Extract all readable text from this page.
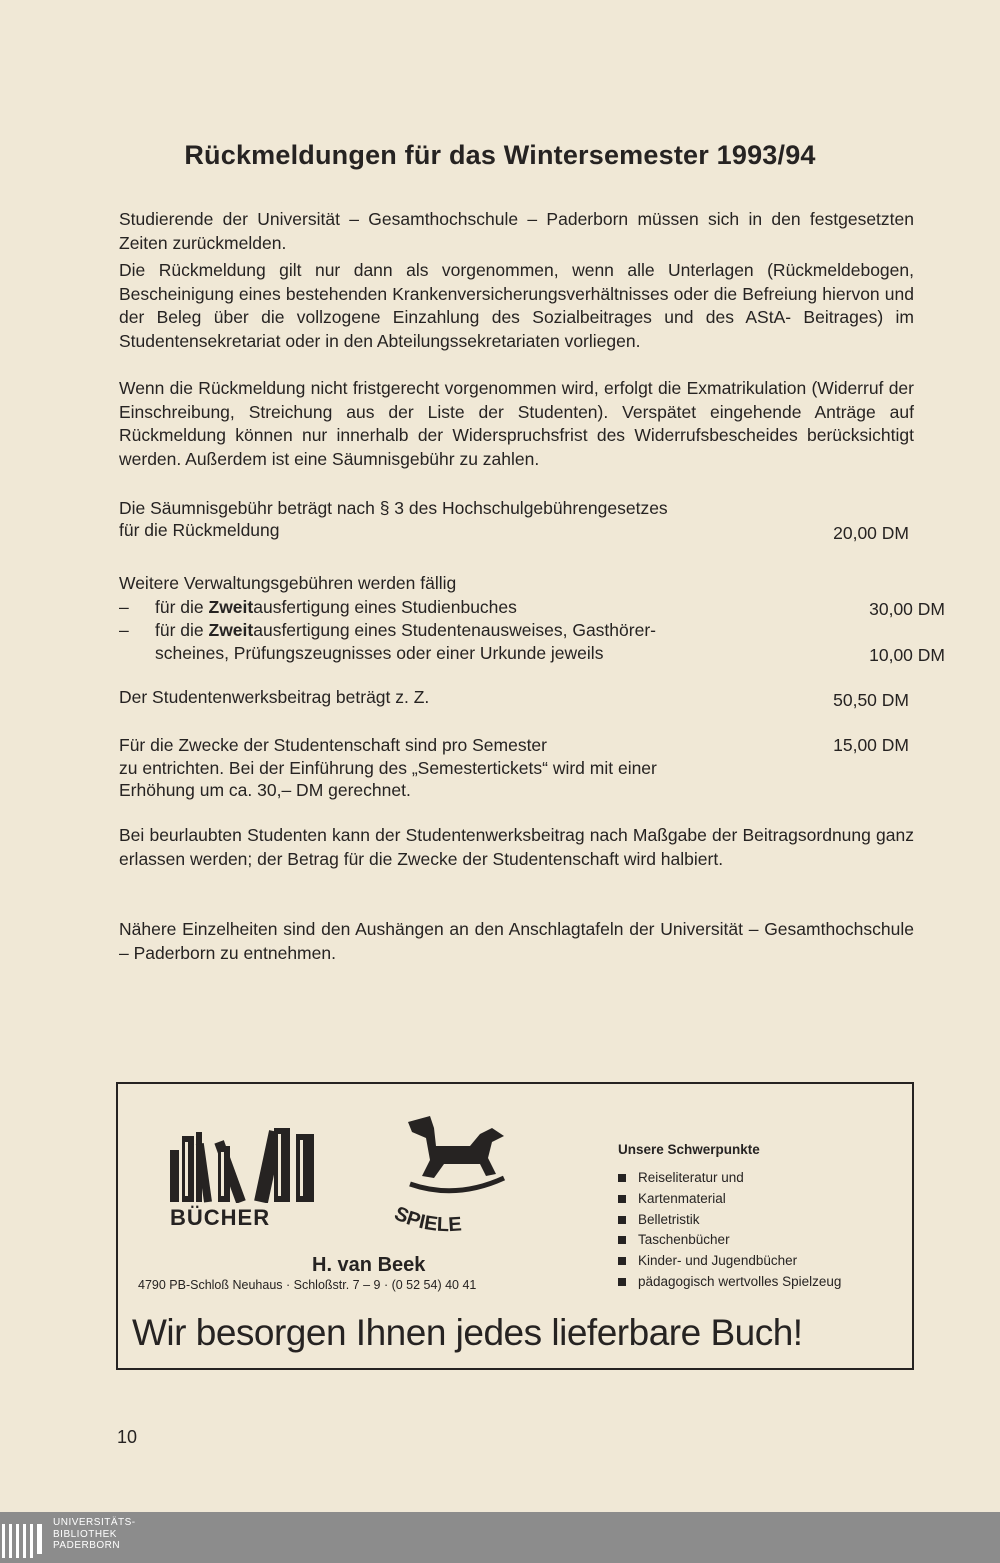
Rückmeldungen für das Wintersemester 1993/94

Studierende der Universität – Gesamthochschule – Paderborn müssen sich in den festgesetzten Zeiten zurückmelden.

Die Rückmeldung gilt nur dann als vorgenommen, wenn alle Unterlagen (Rückmeldebogen, Bescheinigung eines bestehenden Krankenversicherungsverhältnisses oder die Befreiung hiervon und der Beleg über die vollzogene Einzahlung des Sozialbeitrages und des AStA- Beitrages) im Studentensekretariat oder in den Abteilungssekretariaten vorliegen.

Wenn die Rückmeldung nicht fristgerecht vorgenommen wird, erfolgt die Exmatrikulation (Widerruf der Einschreibung, Streichung aus der Liste der Studenten). Verspätet eingehende Anträge auf Rückmeldung können nur innerhalb der Widerspruchsfrist des Widerrufsbescheides berücksichtigt werden. Außerdem ist eine Säumnisgebühr zu zahlen.

Die Säumnisgebühr beträgt nach § 3 des Hochschulgebührengesetzes
für die Rückmeldung	20,00 DM
Weitere Verwaltungsgebühren werden fällig
– für die Zweitausfertigung eines Studienbuches	30,00 DM
– für die Zweitausfertigung eines Studentenausweises, Gasthörer-
scheines, Prüfungszeugnisses oder einer Urkunde jeweils	10,00 DM
Der Studentenwerksbeitrag beträgt z. Z.	50,50 DM
Für die Zwecke der Studentenschaft sind pro Semester	15,00 DM
zu entrichten. Bei der Einführung des „Semestertickets“ wird mit einer
Erhöhung um ca. 30,– DM gerechnet.

Bei beurlaubten Studenten kann der Studentenwerksbeitrag nach Maßgabe der Beitragsordnung ganz erlassen werden; der Betrag für die Zwecke der Studentenschaft wird halbiert.

Nähere Einzelheiten sind den Aushängen an den Anschlagtafeln der Universität – Gesamthochschule – Paderborn zu entnehmen.

BÜCHER	SPIELE
H. van Beek
4790 PB-Schloß Neuhaus · Schloßstr. 7 – 9 · (0 52 54) 40 41
Unsere Schwerpunkte
Reiseliteratur und
Kartenmaterial
Belletristik
Taschenbücher
Kinder- und Jugendbücher
pädagogisch wertvolles Spielzeug
Wir besorgen Ihnen jedes lieferbare Buch!
10
UNIVERSITÄTS-
BIBLIOTHEK
PADERBORN
